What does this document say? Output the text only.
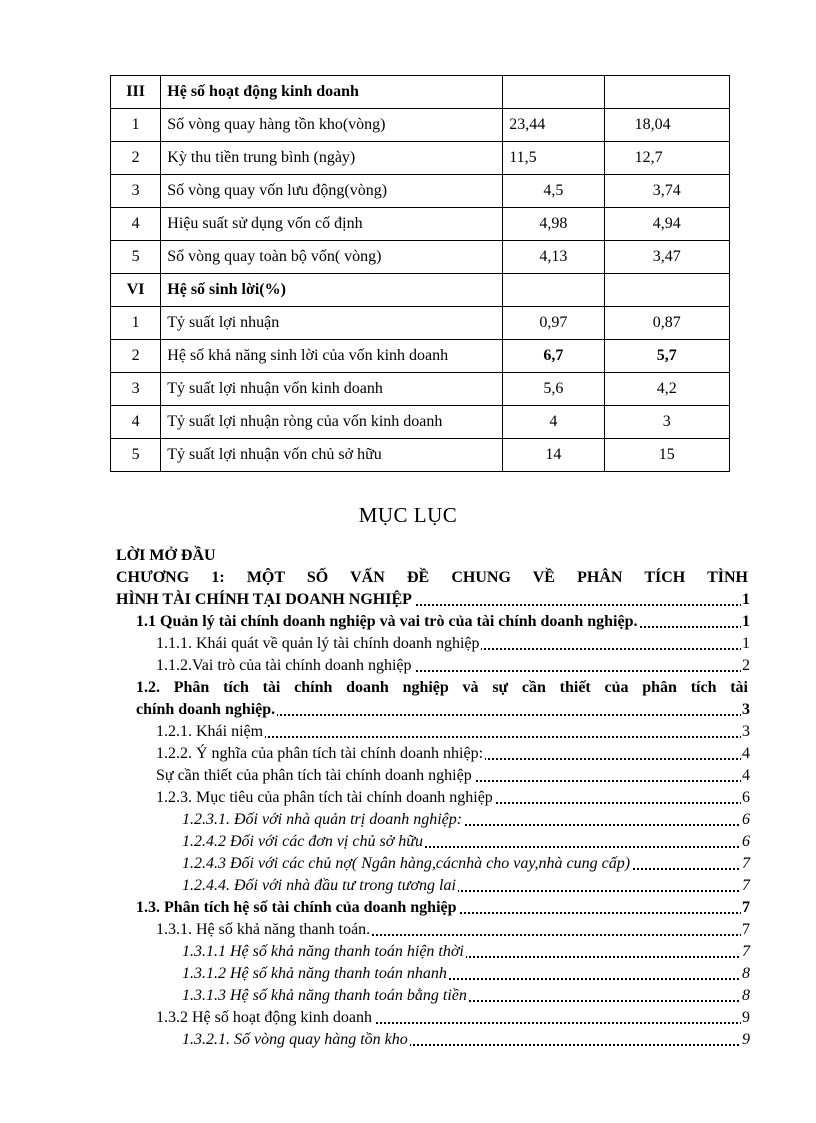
III	Hệ số hoạt động kinh doanh		
1	Số vòng quay hàng tồn kho(vòng)	23,44	18,04
2	Kỳ thu tiền trung bình (ngày)	11,5	12,7
3	Số vòng quay vốn lưu động(vòng)	4,5	3,74
4	Hiệu suất sử dụng vốn cố định	4,98	4,94
5	Số vòng quay toàn bộ vốn( vòng)	4,13	3,47
VI	Hệ số sinh lời(%)		
1	Tỷ suất lợi nhuận	0,97	0,87
2	Hệ số khả năng sinh lời của vốn kinh doanh	6,7	5,7
3	Tỷ suất lợi nhuận vốn kinh doanh	5,6	4,2
4	Tỷ suất lợi nhuận ròng của vốn kinh doanh	4	3
5	Tỷ suất lợi nhuận vốn chủ sở hữu	14	15
MỤC LỤC
LỜI MỞ ĐẦU
CHƯƠNG 1: MỘT SỐ VẤN ĐỀ CHUNG VỀ PHÂN TÍCH TÌNH
HÌNH TÀI CHÍNH TẠI DOANH NGHIỆP	1
1.1 Quản lý tài chính doanh nghiệp và vai trò của tài chính doanh nghiệp.	1
1.1.1. Khái quát về quản lý tài chính doanh nghiệp	1
1.1.2.Vai trò của tài chính doanh nghiệp	2
1.2. Phân tích tài chính doanh nghiệp và sự cần thiết của phân tích tài
chính doanh nghiệp.	3
1.2.1. Khái niệm	3
1.2.2. Ý nghĩa của phân tích tài chính doanh nhiệp:	4
Sự cần thiết của phân tích tài chính doanh nghiệp	4
1.2.3. Mục tiêu của phân tích tài chính doanh nghiệp	6
1.2.3.1. Đối với nhà quản trị doanh nghiệp:	6
1.2.4.2 Đối với các đơn vị chủ sở hữu	6
1.2.4.3 Đối với các chủ nợ( Ngân hàng,cácnhà cho vay,nhà cung cấp)	7
1.2.4.4. Đối với nhà đầu tư trong tương lai	7
1.3. Phân tích hệ số tài chính của doanh nghiệp	7
1.3.1. Hệ số khả năng thanh toán.	7
1.3.1.1 Hệ số khả năng thanh toán hiện thời	7
1.3.1.2 Hệ số khả năng thanh toán nhanh	8
1.3.1.3 Hệ số khả năng thanh toán bằng tiền	8
1.3.2 Hệ số hoạt động kinh doanh	9
1.3.2.1. Số vòng quay hàng tồn kho	9
